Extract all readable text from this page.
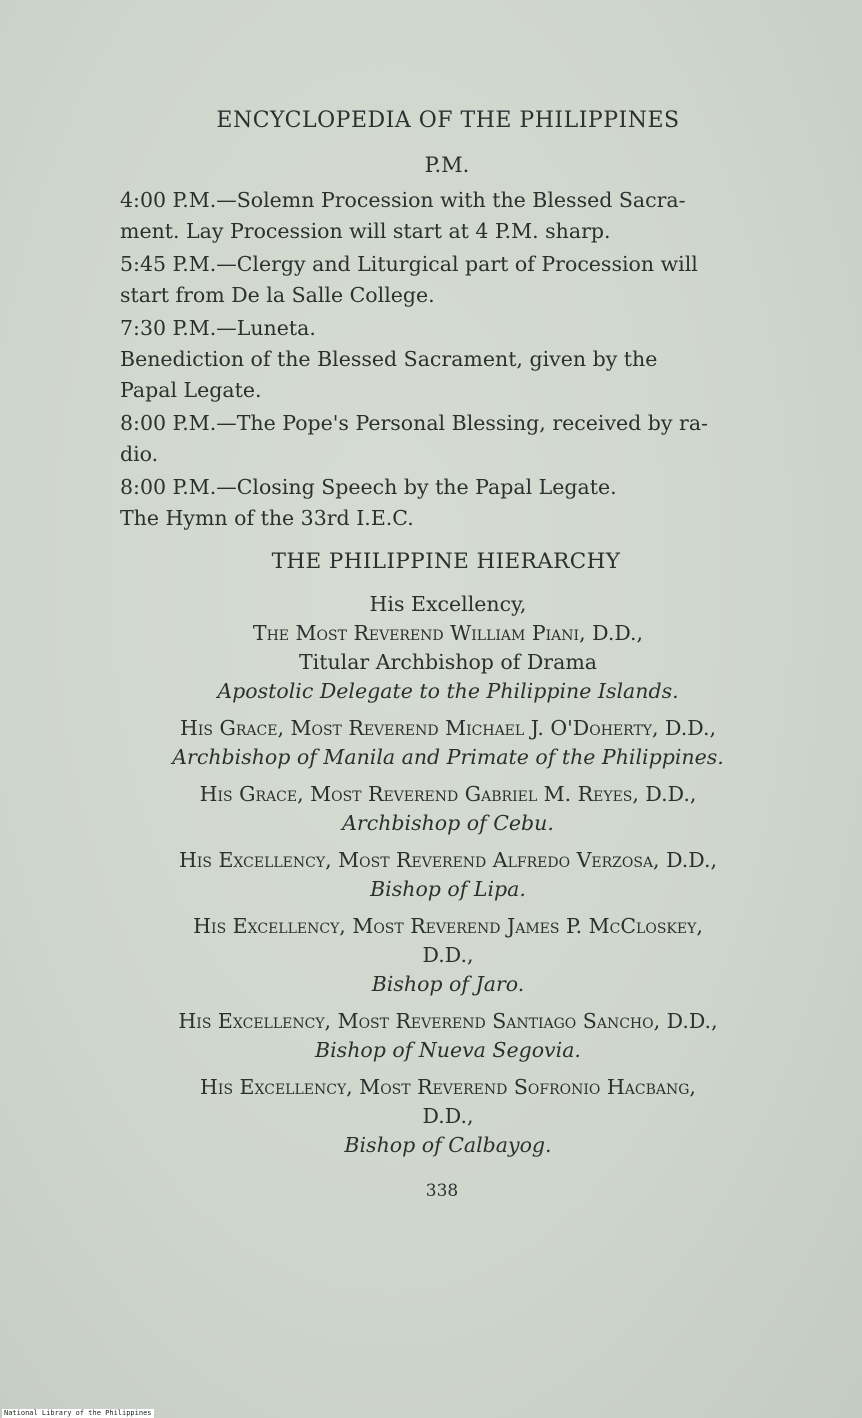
ENCYCLOPEDIA OF THE PHILIPPINES
P.M.
4:00 P.M.—Solemn Procession with the Blessed Sacra-
ment. Lay Procession will start at 4 P.M. sharp.
5:45 P.M.—Clergy and Liturgical part of Procession will
start from De la Salle College.
7:30 P.M.—Luneta.
Benediction of the Blessed Sacrament, given by the
Papal Legate.
8:00 P.M.—The Pope's Personal Blessing, received by ra-
dio.
8:00 P.M.—Closing Speech by the Papal Legate.
The Hymn of the 33rd I.E.C.
THE PHILIPPINE HIERARCHY
His Excellency,
The Most Reverend William Piani, D.D.,
Titular Archbishop of Drama
Apostolic Delegate to the Philippine Islands.
His Grace, Most Reverend Michael J. O'Doherty, D.D.,
Archbishop of Manila and Primate of the Philippines.
His Grace, Most Reverend Gabriel M. Reyes, D.D.,
Archbishop of Cebu.
His Excellency, Most Reverend Alfredo Verzosa, D.D.,
Bishop of Lipa.
His Excellency, Most Reverend James P. McCloskey,
D.D.,
Bishop of Jaro.
His Excellency, Most Reverend Santiago Sancho, D.D.,
Bishop of Nueva Segovia.
His Excellency, Most Reverend Sofronio Hacbang,
D.D.,
Bishop of Calbayog.
338
National Library of the Philippines
